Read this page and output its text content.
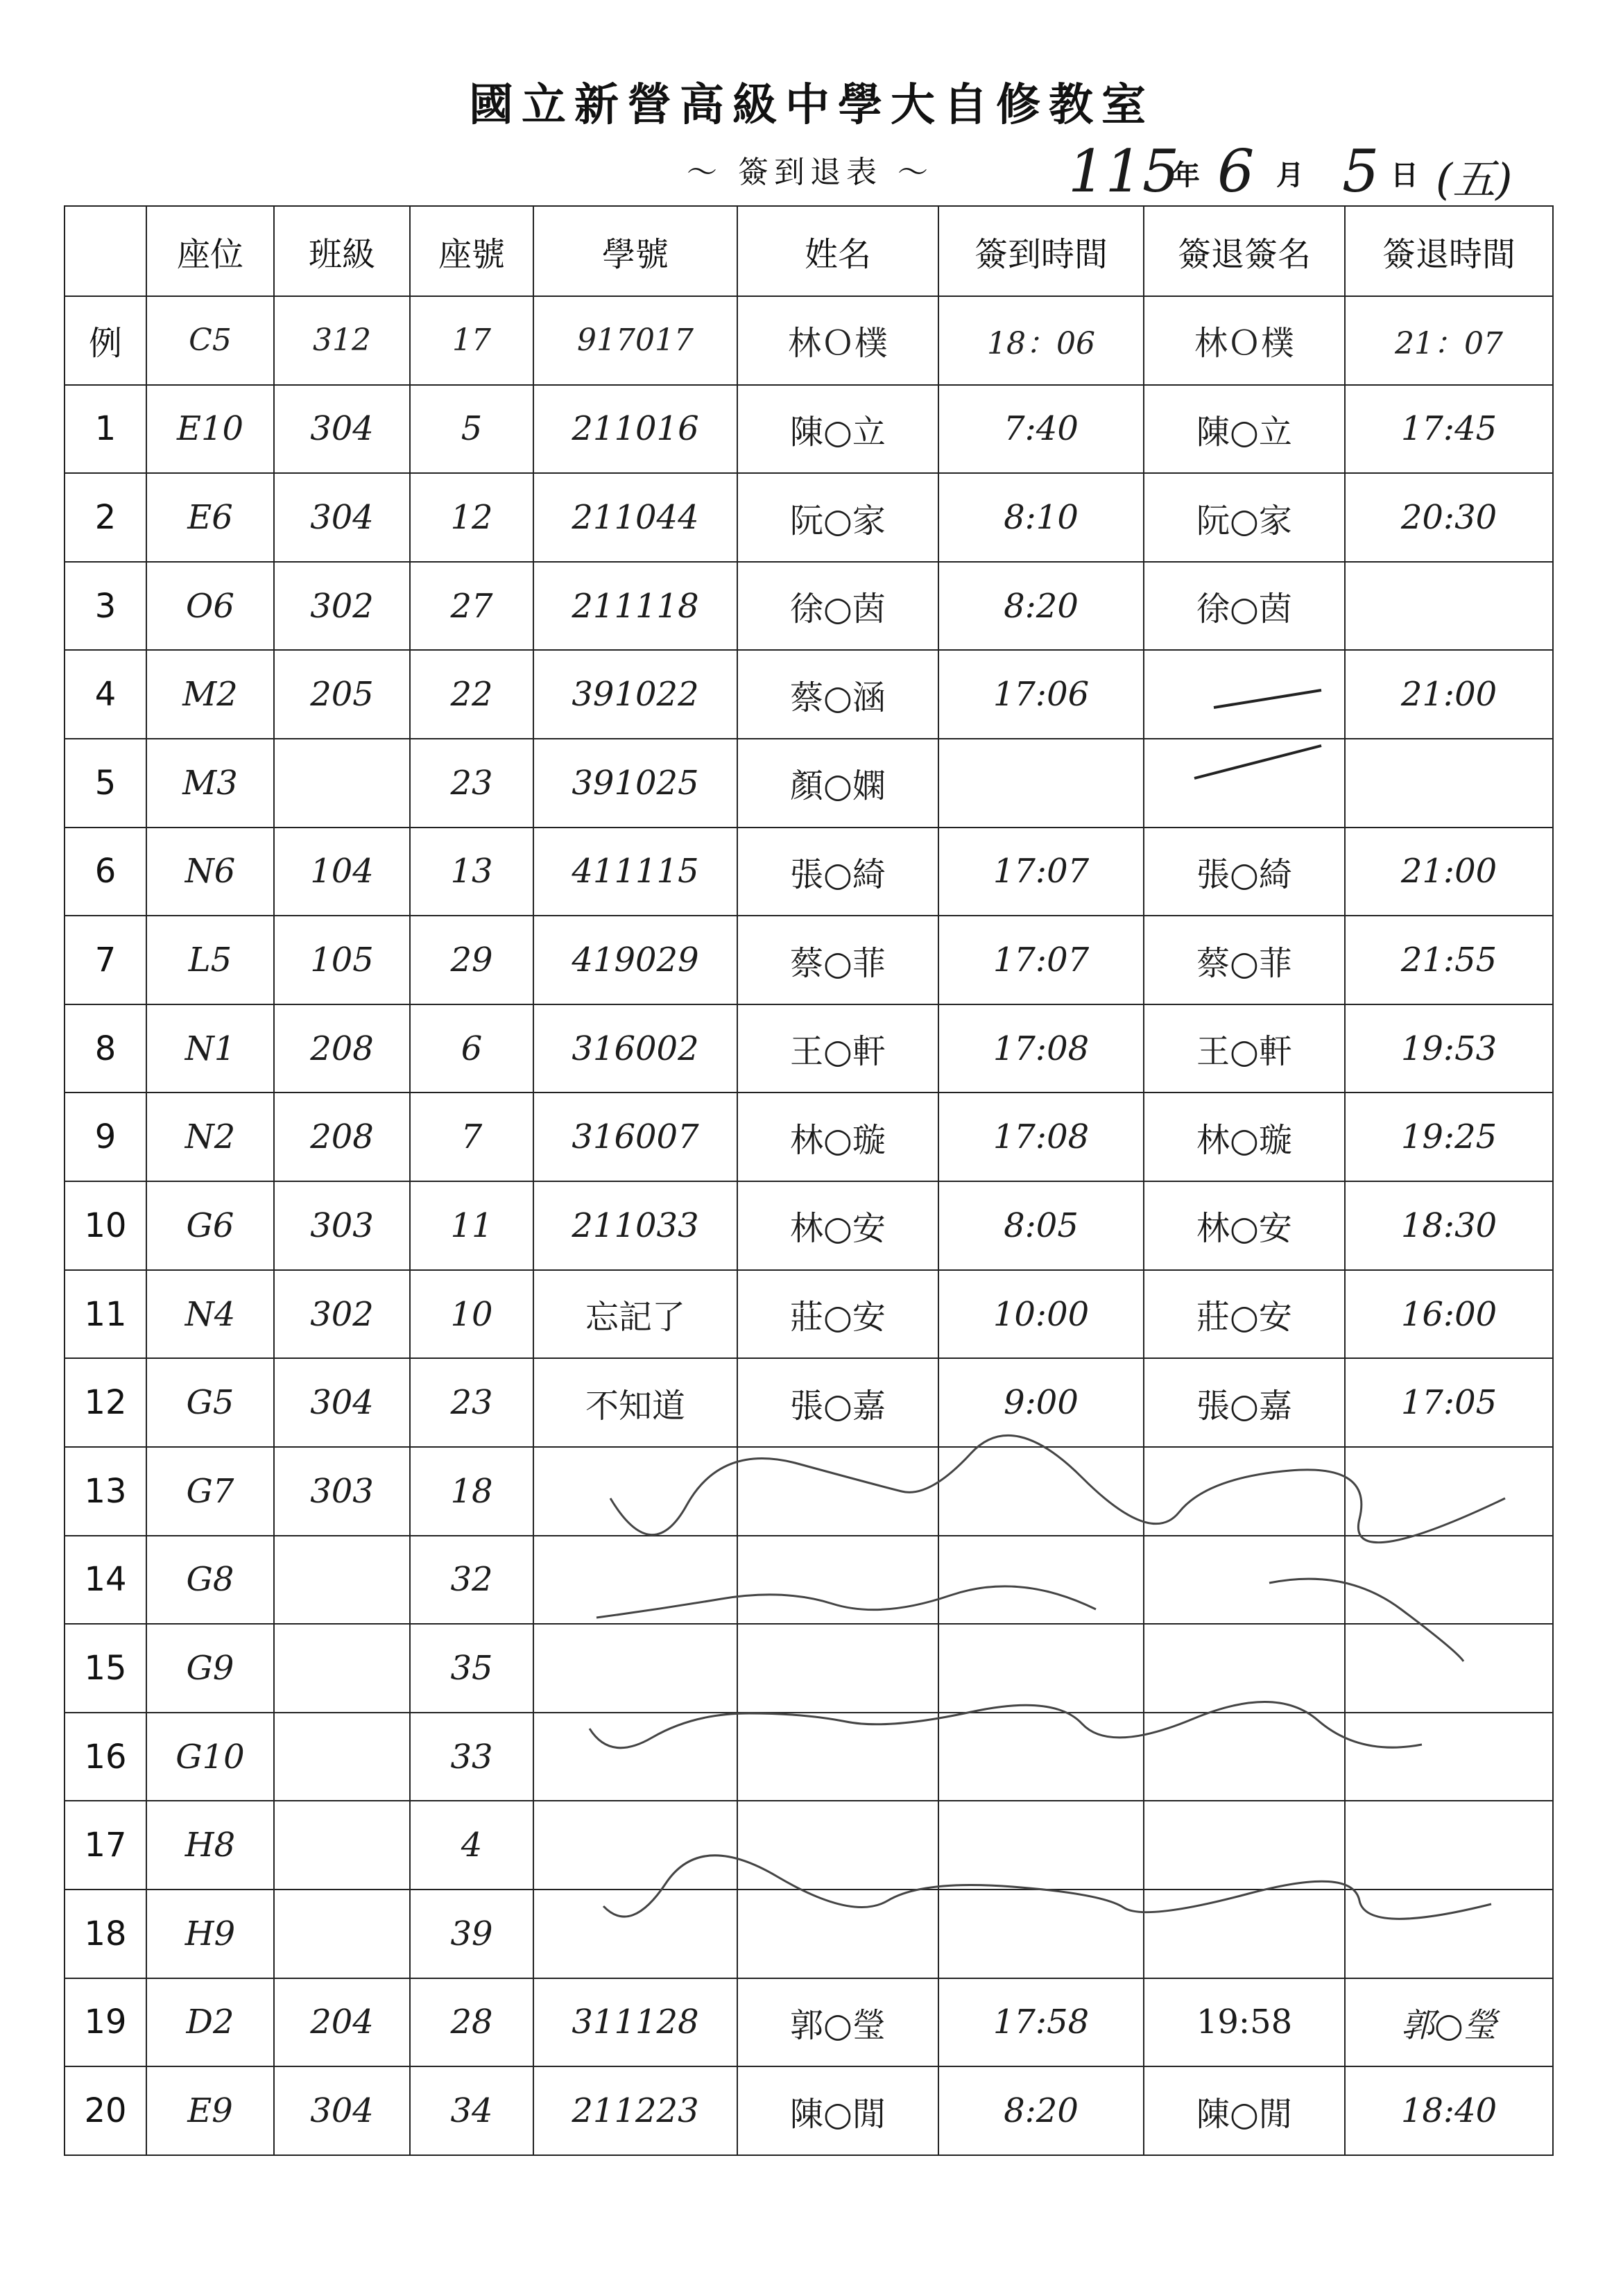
國立新營高級中學大自修教室
～ 簽到退表 ～ 115
年 6 月 5 日 (五)
	座位	班級	座號	學號	姓名	簽到時間	簽退簽名	簽退時間
例	C5	312	17	917017	林Ｏ樸	18：06	林Ｏ樸	21：07
1	E10	304	5	211016	陳○立	7:40	陳○立	17:45
2	E6	304	12	211044	阮○家	8:10	阮○家	20:30
3	O6	302	27	211118	徐○茵	8:20	徐○茵	
4	M2	205	22	391022	蔡○涵	17:06		21:00
5	M3		23	391025	顏○嫻			
6	N6	104	13	411115	張○綺	17:07	張○綺	21:00
7	L5	105	29	419029	蔡○菲	17:07	蔡○菲	21:55
8	N1	208	6	316002	王○軒	17:08	王○軒	19:53
9	N2	208	7	316007	林○璇	17:08	林○璇	19:25
10	G6	303	11	211033	林○安	8:05	林○安	18:30
11	N4	302	10	忘記了	莊○安	10:00	莊○安	16:00
12	G5	304	23	不知道	張○嘉	9:00	張○嘉	17:05
13	G7	303	18					
14	G8		32					
15	G9		35					
16	G10		33					
17	H8		4					
18	H9		39					
19	D2	204	28	311128	郭○瑩	17:58	19:58	郭○瑩
20	E9	304	34	211223	陳○閒	8:20	陳○閒	18:40
